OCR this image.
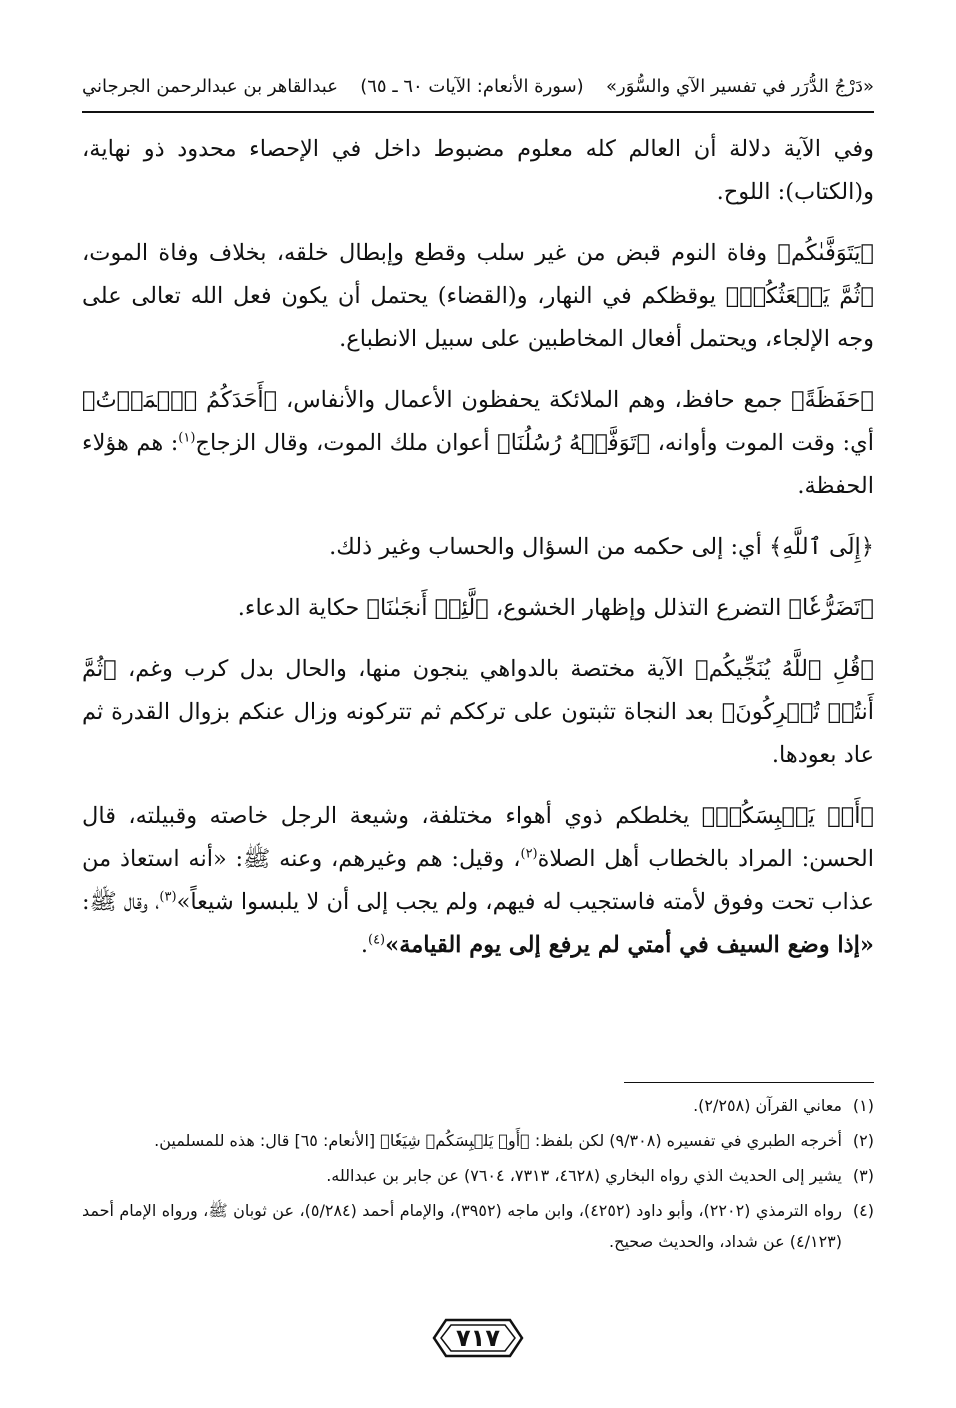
«دَرْجُ الدُّرَر في تفسير الآي والسُّوَر»
(سورة الأنعام: الآيات ٦٠ ـ ٦٥)
عبدالقاهر بن عبدالرحمن الجرجاني

وفي الآية دلالة أن العالم كله معلوم مضبوط داخل في الإحصاء محدود ذو نهاية، و(الكتاب): اللوح.

﴿يَتَوَفَّىٰكُم﴾ وفاة النوم قبض من غير سلب وقطع وإبطال خلقه، بخلاف وفاة الموت، ﴿ثُمَّ يَبۡعَثُكُمۡ﴾ يوقظكم في النهار، و(القضاء) يحتمل أن يكون فعل الله تعالى على وجه الإلجاء، ويحتمل أفعال المخاطبين على سبيل الانطباع.

﴿حَفَظَةً﴾ جمع حافظ، وهم الملائكة يحفظون الأعمال والأنفاس، ﴿أَحَدَكُمُ ٱلۡمَوۡتُ﴾ أي: وقت الموت وأوانه، ﴿تَوَفَّتۡهُ رُسُلُنَا﴾ أعوان ملك الموت، وقال الزجاج$^{(١)}$: هم هؤلاء الحفظة.

﴿إِلَى ٱللَّهِ﴾ أي: إلى حكمه من السؤال والحساب وغير ذلك.

﴿تَضَرُّعٗا﴾ التضرع التذلل وإظهار الخشوع، ﴿لَّئِنۡ أَنجَىٰنَا﴾ حكاية الدعاء.

﴿قُلِ ٱللَّهُ يُنَجِّيكُم﴾ الآية مختصة بالدواهي ينجون منها، والحال بدل كرب وغم، ﴿ثُمَّ أَنتُمۡ تُشۡرِكُونَ﴾ بعد النجاة تثبتون على ترككم ثم تتركونه وزال عنكم بزوال القدرة ثم عاد بعودها.

﴿أَوۡ يَلۡبِسَكُمۡ﴾ يخلطكم ذوي أهواء مختلفة، وشيعة الرجل خاصته وقبيلته، قال الحسن: المراد بالخطاب أهل الصلاة$^{(٢)}$، وقيل: هم وغيرهم، وعنه ﷺ: «أنه استعاذ من عذاب تحت وفوق لأمته فاستجيب له فيهم، ولم يجب إلى أن لا يلبسوا شيعاً»$^{(٣)}$، وقال ﷺ: «إذا وضع السيف في أمتي لم يرفع إلى يوم القيامة»$^{(٤)}$.

(١)
معاني القرآن (٢/٢٥٨).

(٢)
أخرجه الطبري في تفسيره (٩/٣٠٨) لكن بلفظ: ﴿أَوۡ يَلۡبِسَكُمۡ شِيَعٗا﴾ [الأنعام: ٦٥] قال: هذه للمسلمين.

(٣)
يشير إلى الحديث الذي رواه البخاري (٤٦٢٨، ٧٣١٣، ٧٦٠٤) عن جابر بن عبدالله.

(٤)
رواه الترمذي (٢٢٠٢)، وأبو داود (٤٢٥٢)، وابن ماجه (٣٩٥٢)، والإمام أحمد (٥/٢٨٤)، عن ثوبان ﷺ، ورواه الإمام أحمد (٤/١٢٣) عن شداد، والحديث صحيح.

٧١٧
